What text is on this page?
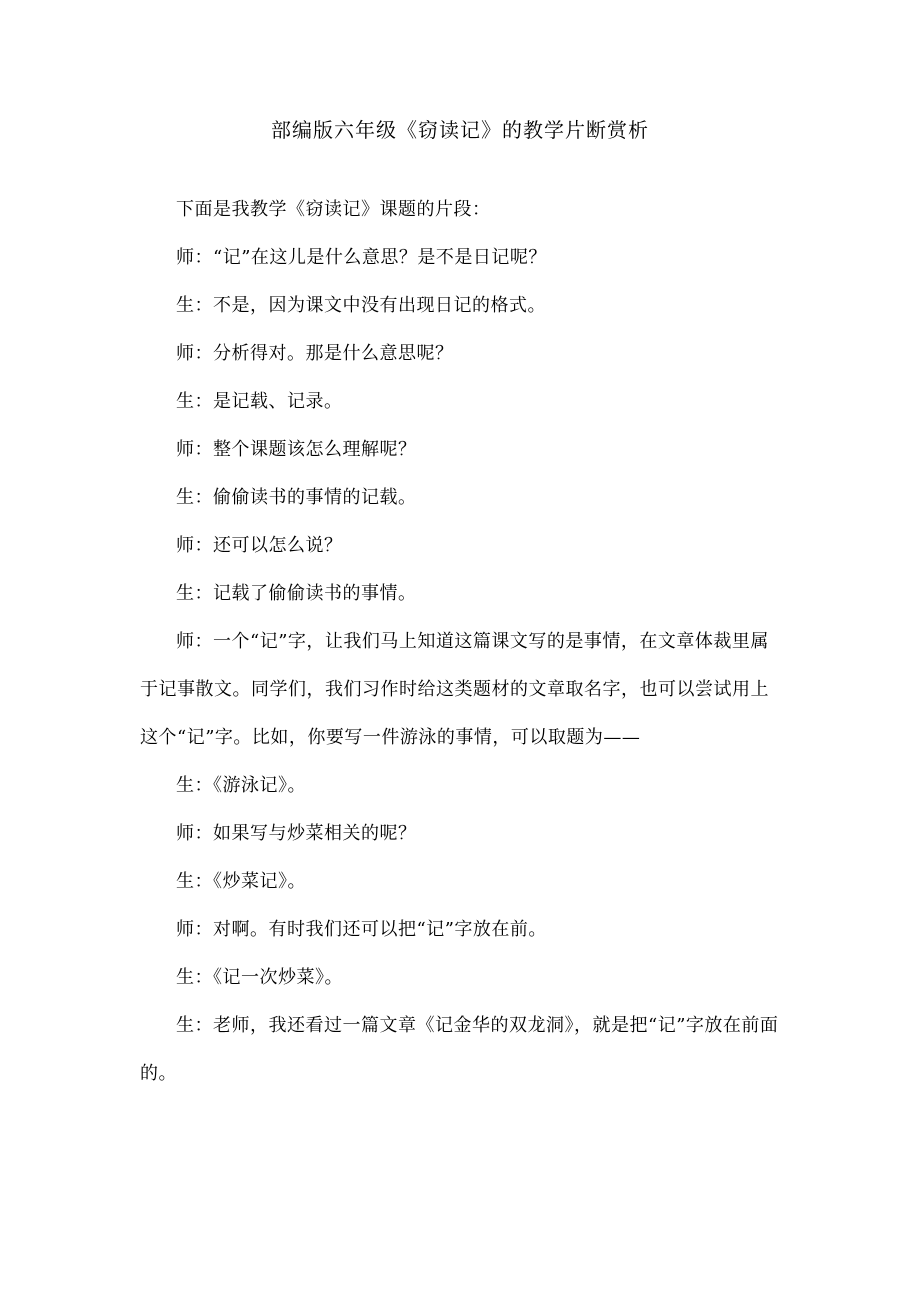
部编版六年级《窃读记》的教学片断赏析

下面是我教学《窃读记》课题的片段：

师：“记”在这儿是什么意思？是不是日记呢？

生：不是，因为课文中没有出现日记的格式。

师：分析得对。那是什么意思呢？

生：是记载、记录。

师：整个课题该怎么理解呢？

生：偷偷读书的事情的记载。

师：还可以怎么说？

生：记载了偷偷读书的事情。

师：一个“记”字，让我们马上知道这篇课文写的是事情，在文章体裁里属于记事散文。同学们，我们习作时给这类题材的文章取名字，也可以尝试用上这个“记”字。比如，你要写一件游泳的事情，可以取题为——

生：《游泳记》。

师：如果写与炒菜相关的呢？

生：《炒菜记》。

师：对啊。有时我们还可以把“记”字放在前。

生：《记一次炒菜》。

生：老师，我还看过一篇文章《记金华的双龙洞》，就是把“记”字放在前面的。
